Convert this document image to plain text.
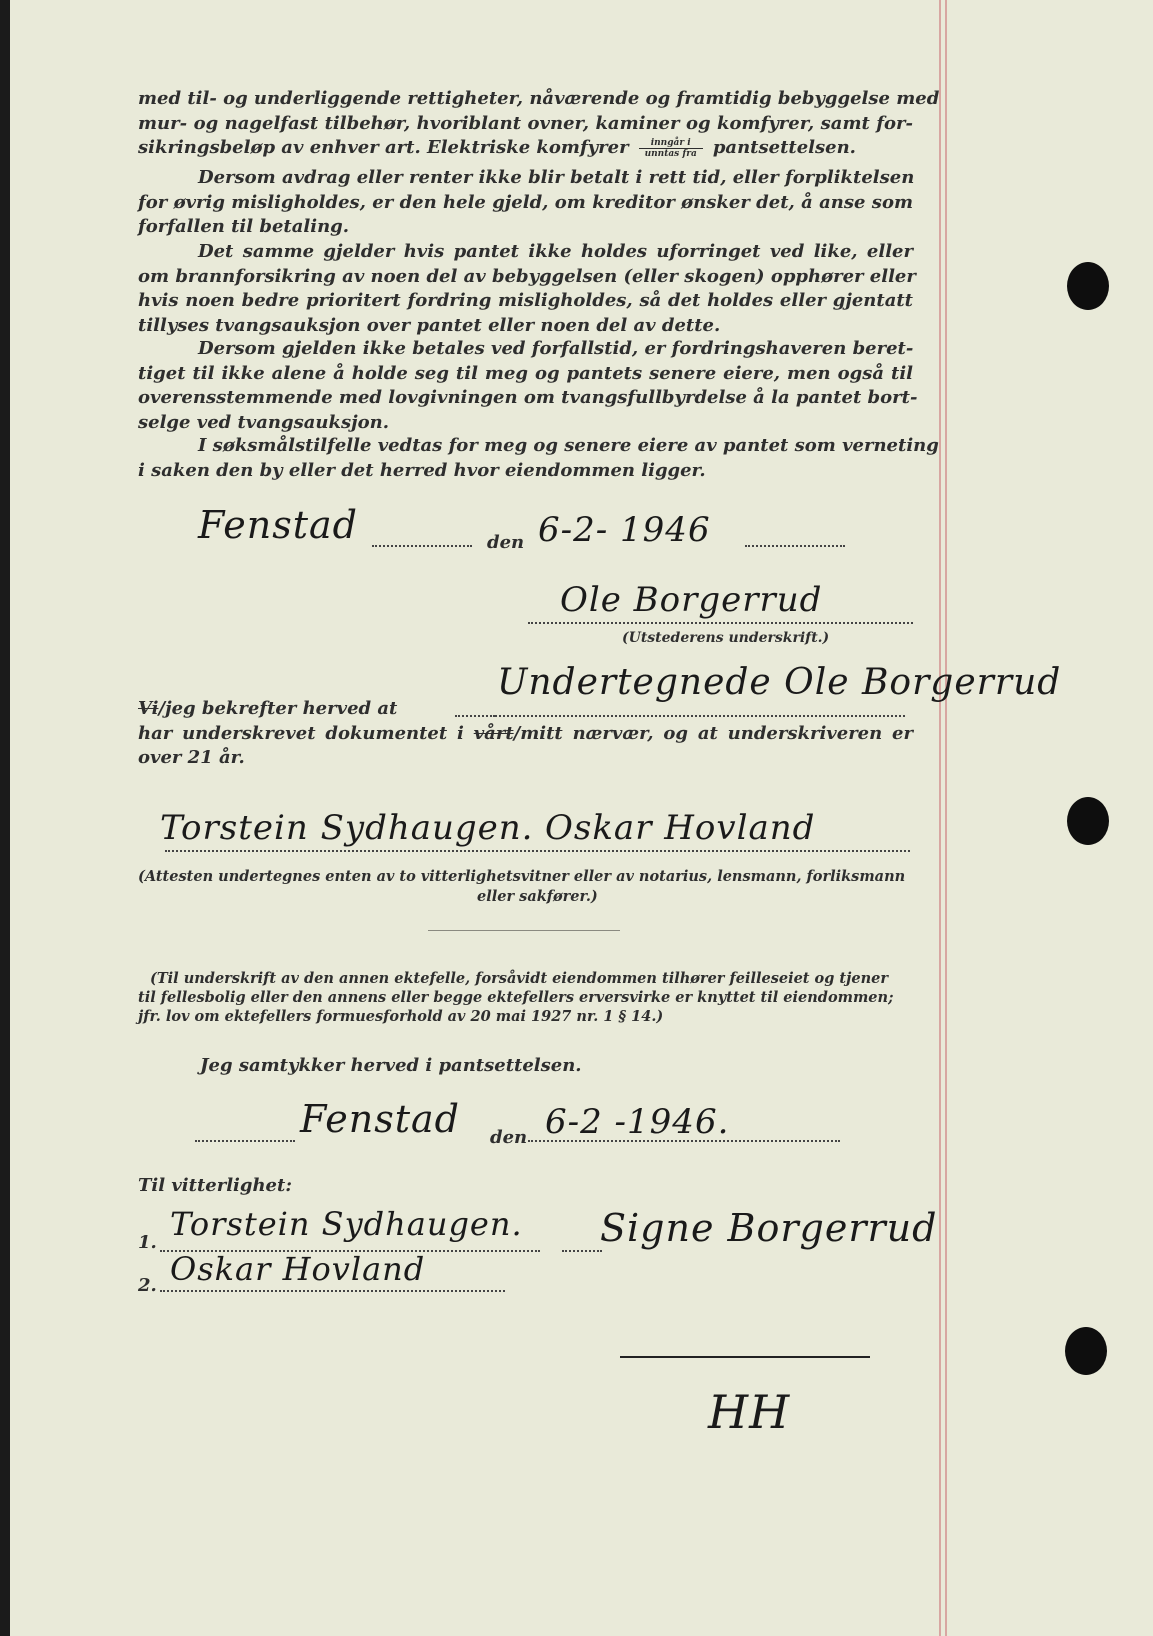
med til- og underliggende rettigheter, nåværende og framtidig bebyggelse med
mur- og nagelfast tilbehør, hvoriblant ovner, kaminer og komfyrer, samt for-
sikringsbeløp av enhver art. Elektriske komfyrer $\frac{\text{inngår i}}{\text{unntas fra}}$ pantsettelsen.
Dersom avdrag eller renter ikke blir betalt i rett tid, eller forpliktelsen
for øvrig misligholdes, er den hele gjeld, om kreditor ønsker det, å anse som
forfallen til betaling.
Det samme gjelder hvis pantet ikke holdes uforringet ved like, eller
om brannforsikring av noen del av bebyggelsen (eller skogen) opphører eller
hvis noen bedre prioritert fordring misligholdes, så det holdes eller gjentatt
tillyses tvangsauksjon over pantet eller noen del av dette.
Dersom gjelden ikke betales ved forfallstid, er fordringshaveren beret-
tiget til ikke alene å holde seg til meg og pantets senere eiere, men også til
overensstemmende med lovgivningen om tvangsfullbyrdelse å la pantet bort-
selge ved tvangsauksjon.
I søksmålstilfelle vedtas for meg og senere eiere av pantet som verneting
i saken den by eller det herred hvor eiendommen ligger.
Fenstad	den 6-2- 1946
Ole Borgerrud
(Utstederens underskrift.)
Vi/jeg bekrefter herved at
Undertegnede Ole Borgerrud
har underskrevet dokumentet i vårt/mitt nærvær, og at underskriveren er
over 21 år.
Torstein Sydhaugen. Oskar Hovland
(Attesten undertegnes enten av to vitterlighetsvitner eller av notarius, lensmann, forliksmann
eller sakfører.)
(Til underskrift av den annen ektefelle, forsåvidt eiendommen tilhører feilleseiet og tjener
til fellesbolig eller den annens eller begge ektefellers erversvirke er knyttet til eiendommen;
jfr. lov om ektefellers formuesforhold av 20 mai 1927 nr. 1 § 14.)
Jeg samtykker herved i pantsettelsen.
Fenstad den 6-2 -1946.
Til vitterlighet:
1. Torstein Sydhaugen.
2. Oskar Hovland
Signe Borgerrud
HH
